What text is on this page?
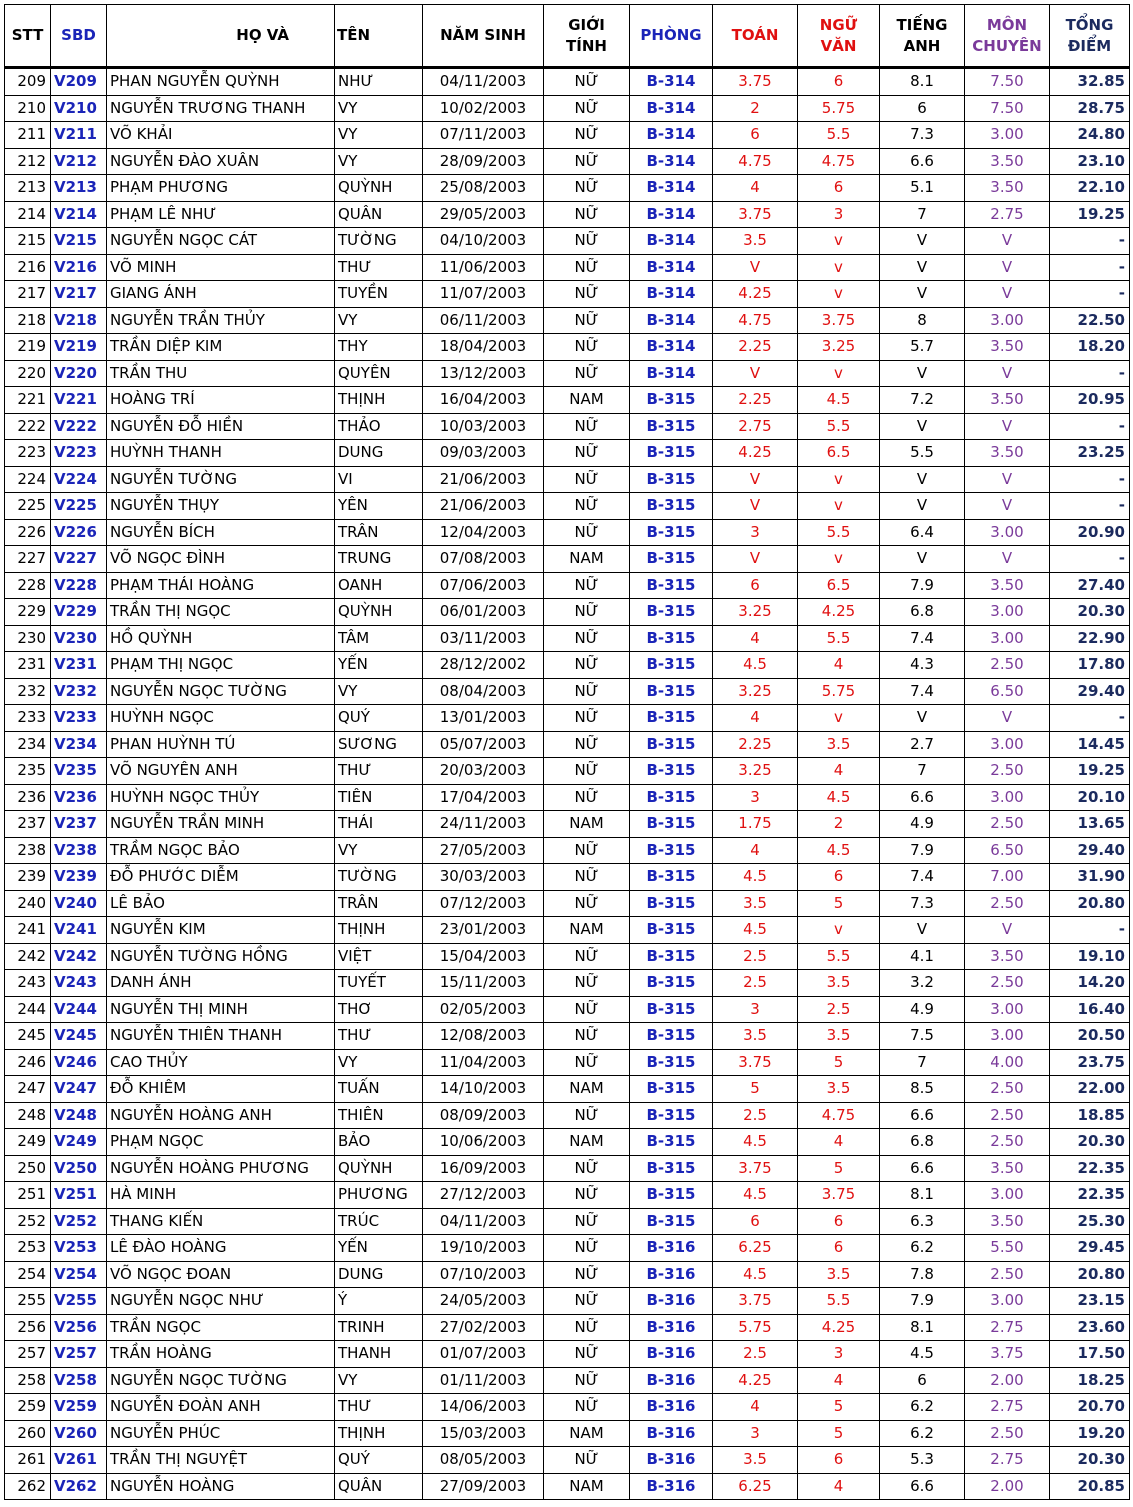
STT	SBD	HỌ VÀ	TÊN	NĂM SINH	GIỚI TÍNH	PHÒNG	TOÁN	NGỮ VĂN	TIẾNG ANH	MÔN CHUYÊN	TỔNG ĐIỂM
209	V209	PHAN NGUYỄN QUỲNH	NHƯ	04/11/2003	NỮ	B-314	3.75	6	8.1	7.50	32.85
210	V210	NGUYỄN TRƯƠNG THANH	VY	10/02/2003	NỮ	B-314	2	5.75	6	7.50	28.75
211	V211	VÕ KHẢI	VY	07/11/2003	NỮ	B-314	6	5.5	7.3	3.00	24.80
212	V212	NGUYỄN ĐÀO XUÂN	VY	28/09/2003	NỮ	B-314	4.75	4.75	6.6	3.50	23.10
213	V213	PHẠM PHƯƠNG	QUỲNH	25/08/2003	NỮ	B-314	4	6	5.1	3.50	22.10
214	V214	PHẠM LÊ NHƯ	QUÂN	29/05/2003	NỮ	B-314	3.75	3	7	2.75	19.25
215	V215	NGUYỄN NGỌC CÁT	TƯỜNG	04/10/2003	NỮ	B-314	3.5	v	V	V	-
216	V216	VÕ MINH	THƯ	11/06/2003	NỮ	B-314	V	v	V	V	-
217	V217	GIANG ÁNH	TUYỀN	11/07/2003	NỮ	B-314	4.25	v	V	V	-
218	V218	NGUYỄN TRẦN THỦY	VY	06/11/2003	NỮ	B-314	4.75	3.75	8	3.00	22.50
219	V219	TRẦN DIỆP KIM	THY	18/04/2003	NỮ	B-314	2.25	3.25	5.7	3.50	18.20
220	V220	TRẦN THU	QUYÊN	13/12/2003	NỮ	B-314	V	v	V	V	-
221	V221	HOÀNG TRÍ	THỊNH	16/04/2003	NAM	B-315	2.25	4.5	7.2	3.50	20.95
222	V222	NGUYỄN ĐỖ HIỀN	THẢO	10/03/2003	NỮ	B-315	2.75	5.5	V	V	-
223	V223	HUỲNH THANH	DUNG	09/03/2003	NỮ	B-315	4.25	6.5	5.5	3.50	23.25
224	V224	NGUYỄN TƯỜNG	VI	21/06/2003	NỮ	B-315	V	v	V	V	-
225	V225	NGUYỄN THỤY	YÊN	21/06/2003	NỮ	B-315	V	v	V	V	-
226	V226	NGUYỄN BÍCH	TRÂN	12/04/2003	NỮ	B-315	3	5.5	6.4	3.00	20.90
227	V227	VÕ NGỌC ĐÌNH	TRUNG	07/08/2003	NAM	B-315	V	v	V	V	-
228	V228	PHẠM THÁI HOÀNG	OANH	07/06/2003	NỮ	B-315	6	6.5	7.9	3.50	27.40
229	V229	TRẦN THỊ NGỌC	QUỲNH	06/01/2003	NỮ	B-315	3.25	4.25	6.8	3.00	20.30
230	V230	HỒ QUỲNH	TÂM	03/11/2003	NỮ	B-315	4	5.5	7.4	3.00	22.90
231	V231	PHẠM THỊ NGỌC	YẾN	28/12/2002	NỮ	B-315	4.5	4	4.3	2.50	17.80
232	V232	NGUYỄN NGỌC TƯỜNG	VY	08/04/2003	NỮ	B-315	3.25	5.75	7.4	6.50	29.40
233	V233	HUỲNH NGỌC	QUÝ	13/01/2003	NỮ	B-315	4	v	V	V	-
234	V234	PHAN HUỲNH TÚ	SƯƠNG	05/07/2003	NỮ	B-315	2.25	3.5	2.7	3.00	14.45
235	V235	VÕ NGUYÊN ANH	THƯ	20/03/2003	NỮ	B-315	3.25	4	7	2.50	19.25
236	V236	HUỲNH NGỌC THỦY	TIÊN	17/04/2003	NỮ	B-315	3	4.5	6.6	3.00	20.10
237	V237	NGUYỄN TRẦN MINH	THÁI	24/11/2003	NAM	B-315	1.75	2	4.9	2.50	13.65
238	V238	TRẦM NGỌC BẢO	VY	27/05/2003	NỮ	B-315	4	4.5	7.9	6.50	29.40
239	V239	ĐỖ PHƯỚC DIỄM	TƯỜNG	30/03/2003	NỮ	B-315	4.5	6	7.4	7.00	31.90
240	V240	LÊ BẢO	TRÂN	07/12/2003	NỮ	B-315	3.5	5	7.3	2.50	20.80
241	V241	NGUYỄN KIM	THỊNH	23/01/2003	NAM	B-315	4.5	v	V	V	-
242	V242	NGUYỄN TƯỜNG HỒNG	VIỆT	15/04/2003	NỮ	B-315	2.5	5.5	4.1	3.50	19.10
243	V243	DANH ÁNH	TUYẾT	15/11/2003	NỮ	B-315	2.5	3.5	3.2	2.50	14.20
244	V244	NGUYỄN THỊ MINH	THƠ	02/05/2003	NỮ	B-315	3	2.5	4.9	3.00	16.40
245	V245	NGUYỄN THIÊN THANH	THƯ	12/08/2003	NỮ	B-315	3.5	3.5	7.5	3.00	20.50
246	V246	CAO THỦY	VY	11/04/2003	NỮ	B-315	3.75	5	7	4.00	23.75
247	V247	ĐỖ KHIÊM	TUẤN	14/10/2003	NAM	B-315	5	3.5	8.5	2.50	22.00
248	V248	NGUYỄN HOÀNG ANH	THIÊN	08/09/2003	NỮ	B-315	2.5	4.75	6.6	2.50	18.85
249	V249	PHẠM NGỌC	BẢO	10/06/2003	NAM	B-315	4.5	4	6.8	2.50	20.30
250	V250	NGUYỄN HOÀNG PHƯƠNG	QUỲNH	16/09/2003	NỮ	B-315	3.75	5	6.6	3.50	22.35
251	V251	HÀ MINH	PHƯƠNG	27/12/2003	NỮ	B-315	4.5	3.75	8.1	3.00	22.35
252	V252	THANG KIẾN	TRÚC	04/11/2003	NỮ	B-315	6	6	6.3	3.50	25.30
253	V253	LÊ ĐÀO HOÀNG	YẾN	19/10/2003	NỮ	B-316	6.25	6	6.2	5.50	29.45
254	V254	VÕ NGỌC ĐOAN	DUNG	07/10/2003	NỮ	B-316	4.5	3.5	7.8	2.50	20.80
255	V255	NGUYỄN NGỌC NHƯ	Ý	24/05/2003	NỮ	B-316	3.75	5.5	7.9	3.00	23.15
256	V256	TRẦN NGỌC	TRINH	27/02/2003	NỮ	B-316	5.75	4.25	8.1	2.75	23.60
257	V257	TRẦN HOÀNG	THANH	01/07/2003	NỮ	B-316	2.5	3	4.5	3.75	17.50
258	V258	NGUYỄN NGỌC TƯỜNG	VY	01/11/2003	NỮ	B-316	4.25	4	6	2.00	18.25
259	V259	NGUYỄN ĐOÀN ANH	THƯ	14/06/2003	NỮ	B-316	4	5	6.2	2.75	20.70
260	V260	NGUYỄN PHÚC	THỊNH	15/03/2003	NAM	B-316	3	5	6.2	2.50	19.20
261	V261	TRẦN THỊ NGUYỆT	QUÝ	08/05/2003	NỮ	B-316	3.5	6	5.3	2.75	20.30
262	V262	NGUYỄN HOÀNG	QUÂN	27/09/2003	NAM	B-316	6.25	4	6.6	2.00	20.85
